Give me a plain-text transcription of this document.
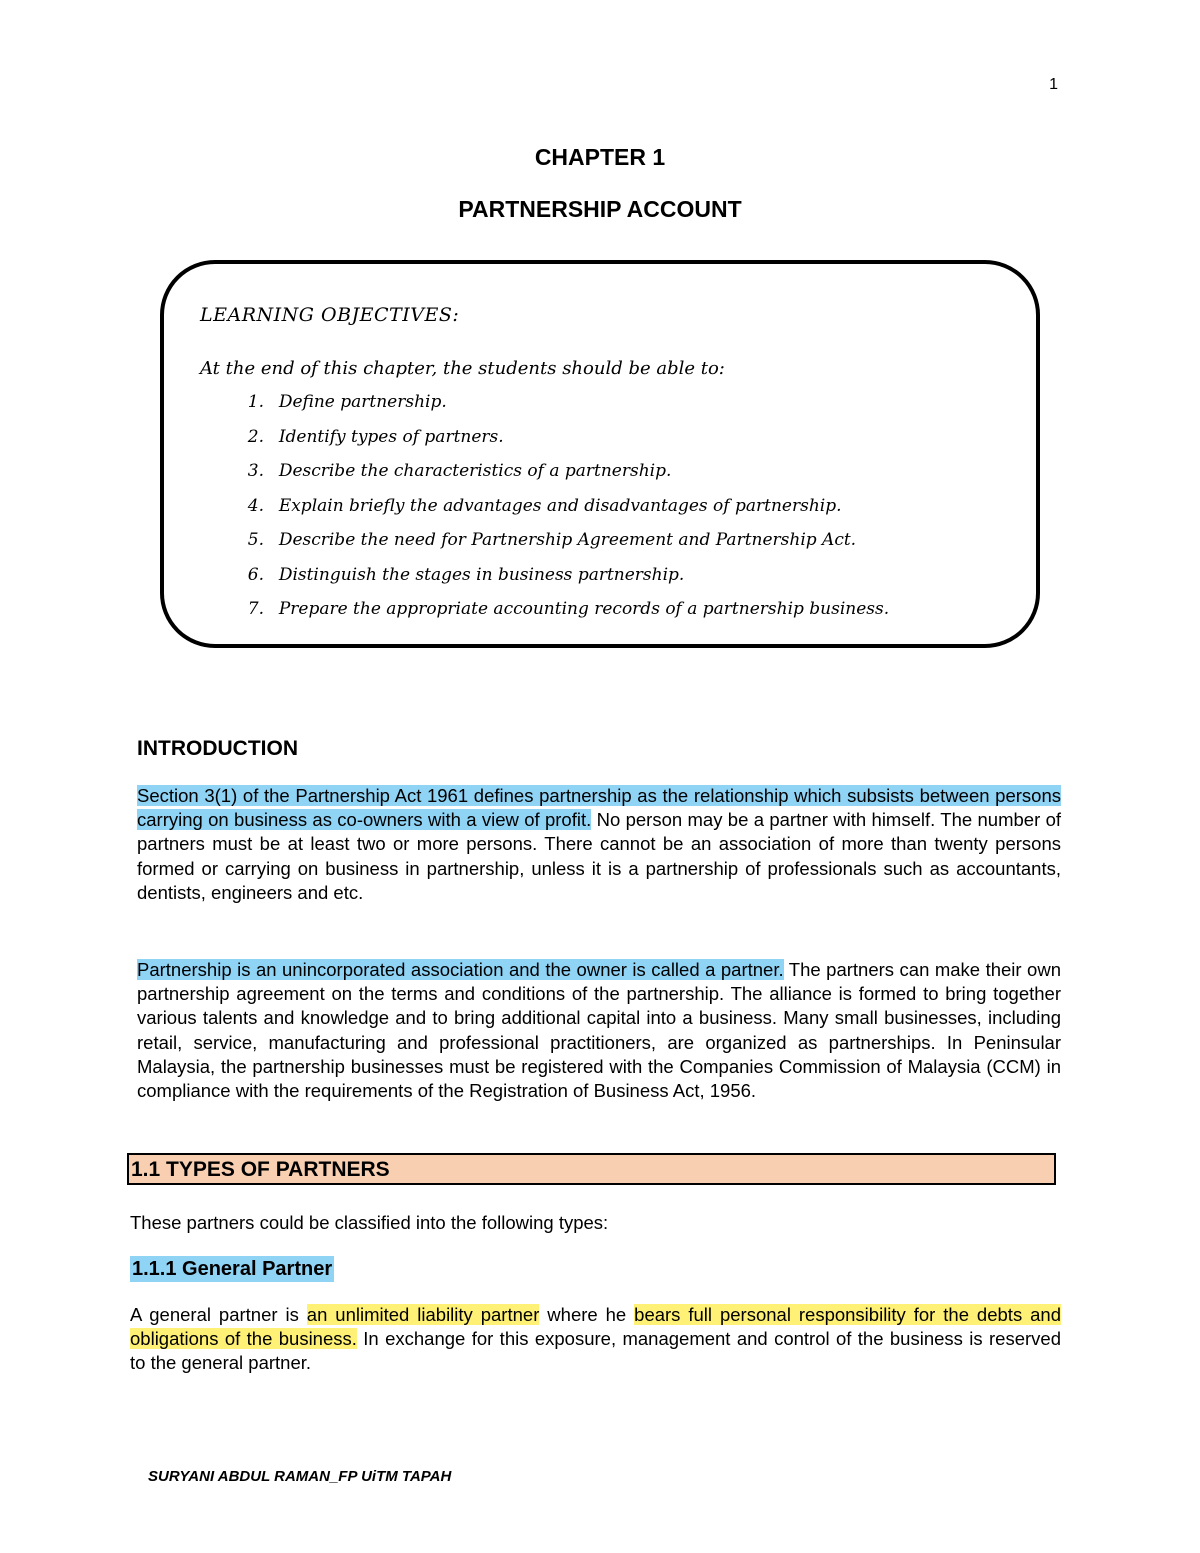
1
CHAPTER 1
PARTNERSHIP ACCOUNT
LEARNING OBJECTIVES:
At the end of this chapter, the students should be able to:
1.
Define partnership.
2.
Identify types of partners.
3.
Describe the characteristics of a partnership.
4.
Explain briefly the advantages and disadvantages of partnership.
5.
Describe the need for Partnership Agreement and Partnership Act.
6.
Distinguish the stages in business partnership.
7.
Prepare the appropriate accounting records of a partnership business.
INTRODUCTION
Section 3(1) of the Partnership Act 1961 defines partnership as the relationship which subsists between persons carrying on business as co-owners with a view of profit. No person may be a partner with himself. The number of partners must be at least two or more persons. There cannot be an association of more than twenty persons formed or carrying on business in partnership, unless it is a partnership of professionals such as accountants, dentists, engineers and etc.
Partnership is an unincorporated association and the owner is called a partner. The partners can make their own partnership agreement on the terms and conditions of the partnership. The alliance is formed to bring together various talents and knowledge and to bring additional capital into a business. Many small businesses, including retail, service, manufacturing and professional practitioners, are organized as partnerships. In Peninsular Malaysia, the partnership businesses must be registered with the Companies Commission of Malaysia (CCM) in compliance with the requirements of the Registration of Business Act, 1956.
1.1 TYPES OF PARTNERS
These partners could be classified into the following types:
1.1.1 General Partner
A general partner is an unlimited liability partner where he bears full personal responsibility for the debts and obligations of the business. In exchange for this exposure, management and control of the business is reserved to the general partner.
SURYANI ABDUL RAMAN_FP UiTM TAPAH
